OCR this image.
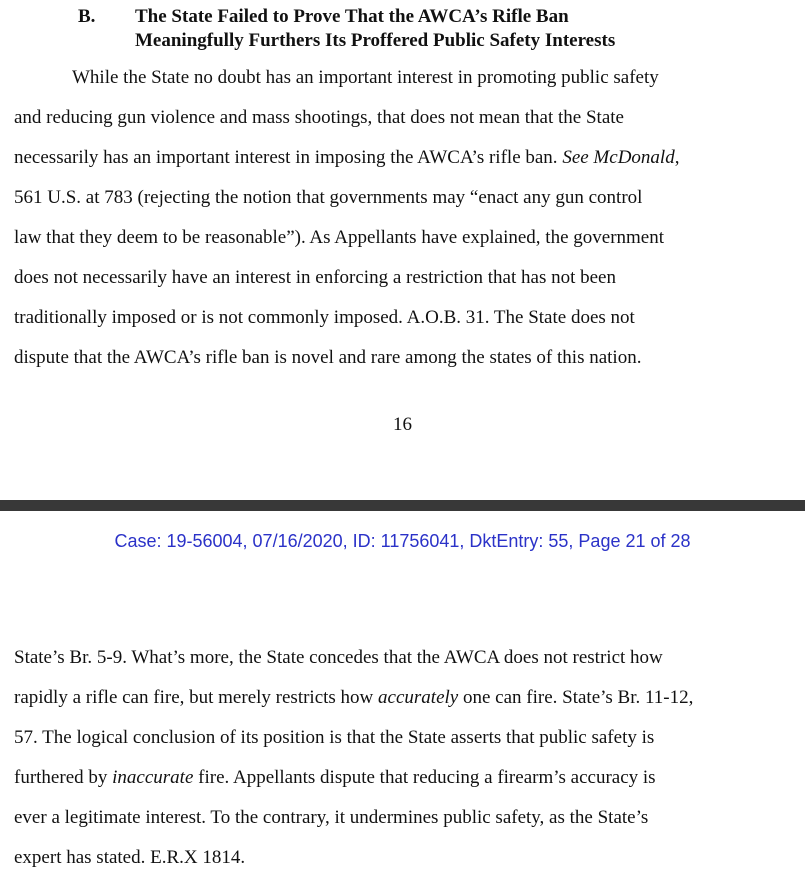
B. The State Failed to Prove That the AWCA’s Rifle Ban
Meaningfully Furthers Its Proffered Public Safety Interests
While the State no doubt has an important interest in promoting public safety
and reducing gun violence and mass shootings, that does not mean that the State
necessarily has an important interest in imposing the AWCA’s rifle ban. See McDonald,
561 U.S. at 783 (rejecting the notion that governments may “enact any gun control
law that they deem to be reasonable”). As Appellants have explained, the government
does not necessarily have an interest in enforcing a restriction that has not been
traditionally imposed or is not commonly imposed. A.O.B. 31. The State does not
dispute that the AWCA’s rifle ban is novel and rare among the states of this nation.
16
Case: 19-56004, 07/16/2020, ID: 11756041, DktEntry: 55, Page 21 of 28
State’s Br. 5-9. What’s more, the State concedes that the AWCA does not restrict how
rapidly a rifle can fire, but merely restricts how accurately one can fire. State’s Br. 11-12,
57. The logical conclusion of its position is that the State asserts that public safety is
furthered by inaccurate fire. Appellants dispute that reducing a firearm’s accuracy is
ever a legitimate interest. To the contrary, it undermines public safety, as the State’s
expert has stated. E.R.X 1814.
